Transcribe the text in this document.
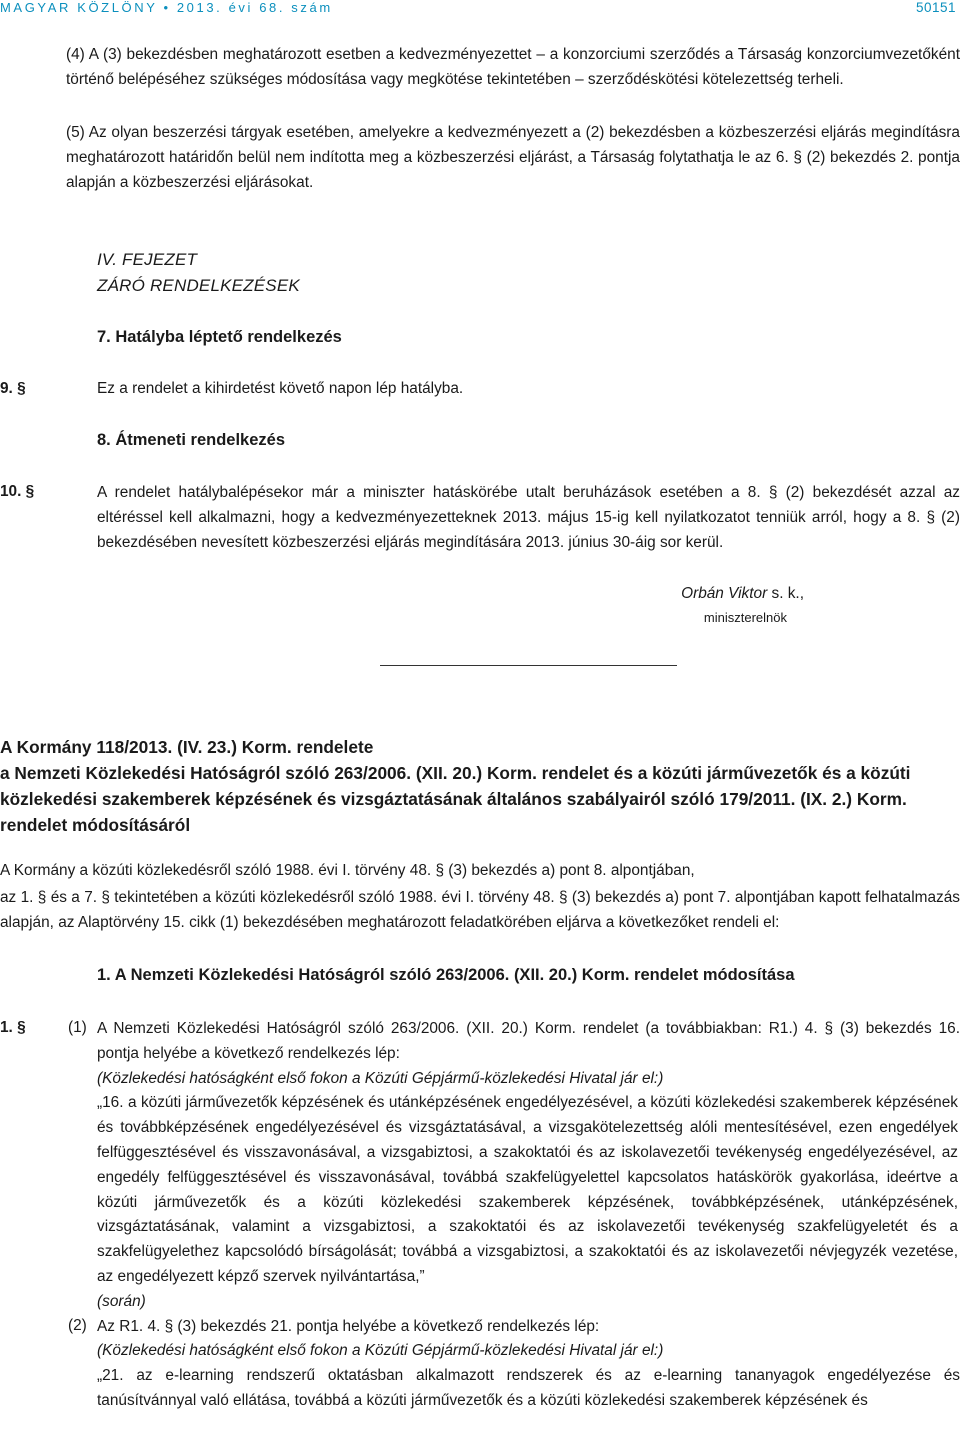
MAGYAR KÖZLÖNY • 2013. évi 68. szám	50151

(4) A (3) bekezdésben meghatározott esetben a kedvezményezettet – a konzorciumi szerződés a Társaság konzorciumvezetőként történő belépéséhez szükséges módosítása vagy megkötése tekintetében – szerződéskötési kötelezettség terheli.

(5) Az olyan beszerzési tárgyak esetében, amelyekre a kedvezményezett a (2) bekezdésben a közbeszerzési eljárás megindításra meghatározott határidőn belül nem indította meg a közbeszerzési eljárást, a Társaság folytathatja le az 6. § (2) bekezdés 2. pontja alapján a közbeszerzési eljárásokat.

IV. FEJEZET
ZÁRÓ RENDELKEZÉSEK
7. Hatályba léptető rendelkezés
9. §	Ez a rendelet a kihirdetést követő napon lép hatályba.
8. Átmeneti rendelkezés
10. §	A rendelet hatálybalépésekor már a miniszter hatáskörébe utalt beruházások esetében a 8. § (2) bekezdését azzal az eltéréssel kell alkalmazni, hogy a kedvezményezetteknek 2013. május 15-ig kell nyilatkozatot tenniük arról, hogy a 8. § (2) bekezdésében nevesített közbeszerzési eljárás megindítására 2013. június 30-áig sor kerül.

Orbán Viktor s. k.,
miniszterelnök
A Kormány 118/2013. (IV. 23.) Korm. rendelete
a Nemzeti Közlekedési Hatóságról szóló 263/2006. (XII. 20.) Korm. rendelet és a közúti járművezetők és a közúti közlekedési szakemberek képzésének és vizsgáztatásának általános szabályairól szóló 179/2011. (IX. 2.) Korm. rendelet módosításáról

A Kormány a közúti közlekedésről szóló 1988. évi I. törvény 48. § (3) bekezdés a) pont 8. alpontjában,

az 1. § és a 7. § tekintetében a közúti közlekedésről szóló 1988. évi I. törvény 48. § (3) bekezdés a) pont 7. alpontjában kapott felhatalmazás alapján, az Alaptörvény 15. cikk (1) bekezdésében meghatározott feladatkörében eljárva a következőket rendeli el:

1. A Nemzeti Közlekedési Hatóságról szóló 263/2006. (XII. 20.) Korm. rendelet módosítása
1. §	(1) A Nemzeti Közlekedési Hatóságról szóló 263/2006. (XII. 20.) Korm. rendelet (a továbbiakban: R1.) 4. § (3) bekezdés 16. pontja helyébe a következő rendelkezés lép:

(Közlekedési hatóságként első fokon a Közúti Gépjármű-közlekedési Hivatal jár el:)

„16. a közúti járművezetők képzésének és utánképzésének engedélyezésével, a közúti közlekedési szakemberek képzésének és továbbképzésének engedélyezésével és vizsgáztatásával, a vizsgakötelezettség alóli mentesítésével, ezen engedélyek felfüggesztésével és visszavonásával, a vizsgabiztosi, a szakoktatói és az iskolavezetői tevékenység engedélyezésével, az engedély felfüggesztésével és visszavonásával, továbbá szakfelügyelettel kapcsolatos hatáskörök gyakorlása, ideértve a közúti járművezetők és a közúti közlekedési szakemberek képzésének, továbbképzésének, utánképzésének, vizsgáztatásának, valamint a vizsgabiztosi, a szakoktatói és az iskolavezetői tevékenység szakfelügyeletét és a szakfelügyelethez kapcsolódó bírságolását; továbbá a vizsgabiztosi, a szakoktatói és az iskolavezetői névjegyzék vezetése, az engedélyezett képző szervek nyilvántartása,”

(során)

(2) Az R1. 4. § (3) bekezdés 21. pontja helyébe a következő rendelkezés lép:

(Közlekedési hatóságként első fokon a Közúti Gépjármű-közlekedési Hivatal jár el:)

„21. az e-learning rendszerű oktatásban alkalmazott rendszerek és az e-learning tananyagok engedélyezése és tanúsítvánnyal való ellátása, továbbá a közúti járművezetők és a közúti közlekedési szakemberek képzésének és
